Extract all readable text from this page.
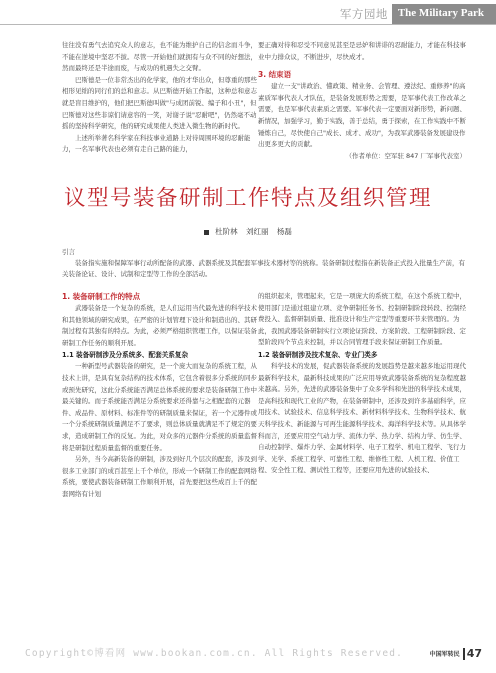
军方园地 The Military Park

往往没有勇气去追究众人的意志，也不能为维护自己的信念而斗争，不能在逆境中坚忍不拔。尽管一开始他们就拥有与众不同的好想法，然而最终还是半途而废，与成功的机遇失之交臂。

巴斯德是一位非常杰出的化学家，他的才华出众，但尊重的那些相形见绌的同行们的总和意志。从巴斯德开始工作起，这种总和意志就是盲目维护的，他们把巴斯德叫做"与成团前锐、编子和小丑"，但巴斯德对这些非谅们请意容的一笑，对谢子说"忍耐吧"，仍然毫不动摇的坚持科学研究，他的研究成果使人类进入微生物的新时代。

上述所举著名科学家在科技事业道路上对待周围环境的忍耐能力，一名军事代表也必须有走自己路的能力，

要正确对待和忍受不同意见甚至是忌妒和讲诽的忍耐能力，才能在科技事业中力排众议，不断进步，尽快成才。

3. 结束语

建立一支"讲政治、懂政策、精业务、会管理、遵法纪、重修养"的高素质军事代表人才队伍，是装备发展形势之需要，是军事代表工作改革之需要，也是军事代表素质之需要。军事代表一定要面对新形势，新问题、新情况，加强学习，勤于实践，善于总结，勇于探索，在工作实践中不断锤炼自己，尽快使自己"成长、成才、成功"，为我军武器装备发展建设作出更多更大的贡献。

（作者单位：空军驻 847 厂军事代表室）
议型号装备研制工作特点及组织管理
杜阶林 刘红丽 杨磊
引言
装备指实施和保障军事行动所配备的武器、武器系统及其配套军事技术器材等的统称。装备研制过程指在新装备正式投入批量生产前，有关装备论证、设计、试制和定型等工作的全部活动。
1. 装备研制工作的特点

武器装备是一个复杂的系统，是人们运用当代最先进的科学技术和其他领域的研究成果，在严密的计划管理下设计和制造出的、其研制过程有其独有的特点。为此，必须严格组织管理工作，以保证装备研制工作任务的顺利开展。

1.1 装备研制涉及分系统多、配套关系复杂

一种新型号武器装备的研究，是一个庞大而复杂的系统工程，从技术上讲，是具有复杂结构的技术体系，它包含着很多分系统的同步或预先研究，这此分系统能否满足总体系统的要求是装备研制工作中最关键的。而子系统能否满足分系统要求还得靠与之相配套的元器件、成品件、原材料、标准件等的研制质量来保证，若一个元器件或一个分系统研制质量满足不了要求，则总体质量就满足不了规定的要求，造成研制工作的反复。为此，对众多的元器件分系统的质量监督将是研制过程质量监督的重要任务。

另外，当今高新装备的研制，涉及到好几个层次的配套，涉及到很多工业部门的成百甚至上千个单位，形成一个研制工作的配套网络系统，要使武器装备研制工作顺利开展，首先要把这些成百上千的配套网络有计划

的组织起来，管理起来，它是一项庞大的系统工程，在这个系统工程中，使用部门是通过组建立项、竞争研制任务书、控制研制阶段转段、控制经费投入、监督研制质量、批准设计和生产定型等重要环节来管理的。为此，我国武器装备研制实行立项论证阶段、方案阶段、工程研制阶段、定型阶段四个节点来控制，并以合同管理手段来保证研制工作质量。

1.2 装备研制涉及技术复杂、专业门类多

科学技术的发展，促武器装备系统的发展趋势是越来越多地运用现代最新科学技术，最新科技成果的广泛应用导致武器装备系统的复杂程度越来越高。另外，先进的武器装备集中了众多学科和先进的科学技术成果，是高科技和现代工业的产物，在装备研制中，还涉及到许多基础科学，应用技术、试验技术、信息科学技术、新材料科学技术、生物科学技术、航天科学技术、新能源与可再生能源科学技术、海洋科学技术等。从具体学科而言，还要应用空气动力学、流体力学、热力学、结构力学、仿生学、自动控制学、爆炸力学、金属材料学、电子工程学、机电工程学、飞行力学、光学、系统工程学、可靠性工程、维修性工程、人机工程、价值工程、安全性工程、测试性工程等，还要应用先进的试验技术、

Copyright©博看网 www.bookan.com.cn. All Rights Reserved.	中国军转民 47
